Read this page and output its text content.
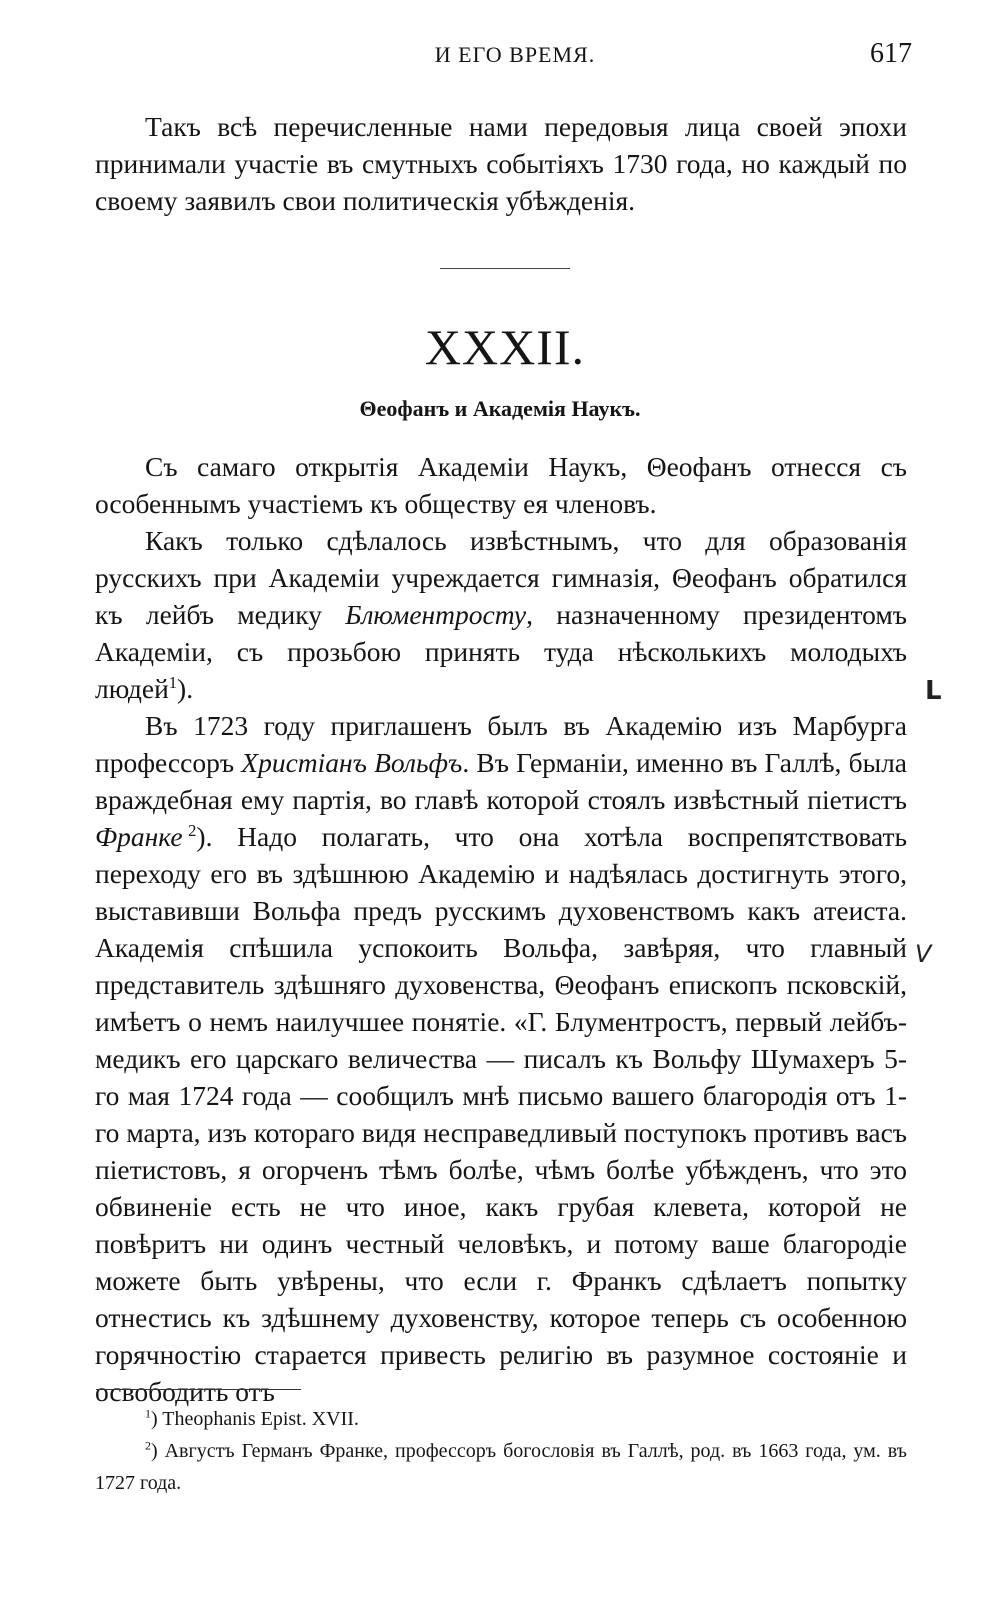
И ЕГО ВРЕМЯ.	617

Такъ всѣ перечисленные нами передовыя лица своей эпохи принимали участіе въ смутныхъ событіяхъ 1730 года, но каждый по своему заявилъ свои политическія убѣжденія.

XXXII.
Θеофанъ и Академія Наукъ.

Съ самаго открытія Академіи Наукъ, Θеофанъ отнесся съ особеннымъ участіемъ къ обществу ея членовъ.

Какъ только сдѣлалось извѣстнымъ, что для образованія русскихъ при Академіи учреждается гимназія, Θеофанъ обратился къ лейбъ медику Блюментросту, назначенному президентомъ Академіи, съ прозьбою принять туда нѣсколькихъ молодыхъ людей$^1$).

Въ 1723 году приглашенъ былъ въ Академію изъ Марбурга профессоръ Христіанъ Вольфъ. Въ Германіи, именно въ Галлѣ, была враждебная ему партія, во главѣ которой стоялъ извѣстный піетистъ Франке  $^2$). Надо полагать, что она хотѣла воспрепятствовать переходу его въ здѣшнюю Академію и надѣялась достигнуть этого, выставивши Вольфа предъ русскимъ духовенствомъ какъ атеиста. Академія спѣшила успокоить Вольфа, завѣряя, что главный представитель здѣшняго духовенства, Θеофанъ епископъ псковскій, имѣетъ о немъ наилучшее понятіе. «Г. Блументростъ, первый лейбъ-медикъ его царскаго величества — писалъ къ Вольфу Шумахеръ 5-го мая 1724 года — сообщилъ мнѣ письмо вашего благородія отъ 1-го марта, изъ котораго видя несправедливый поступокъ противъ васъ піетистовъ, я огорченъ тѣмъ болѣе, чѣмъ болѣе убѣжденъ, что это обвиненіе есть не что иное, какъ грубая клевета, которой не повѣритъ ни одинъ честный человѣкъ, и потому ваше благородіе можете быть увѣрены, что если г. Франкъ сдѣлаетъ попытку отнестись къ здѣшнему духовенству, которое теперь съ особенною горячностію старается привесть религію въ разумное состояніе и освободить отъ

L
V

$^1$) Theophanis Epist. XVII.

$^2$) Августъ Германъ Франке, профессоръ богословія въ Галлѣ, род. въ 1663 года, ум. въ 1727 года.
